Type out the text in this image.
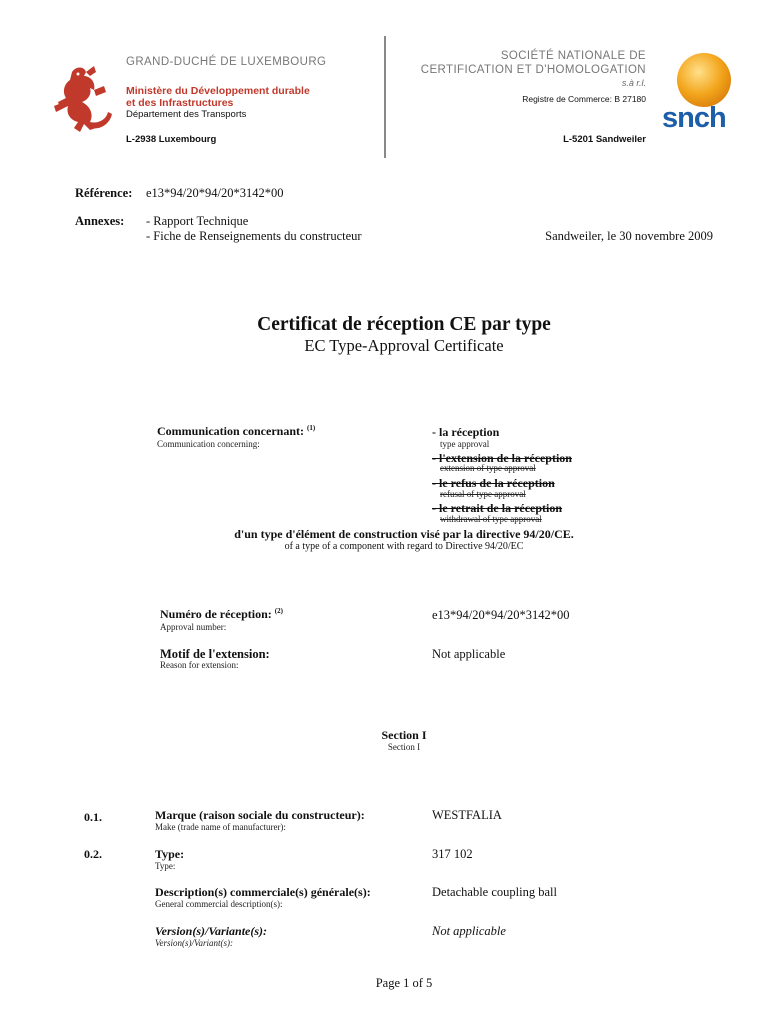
GRAND-DUCHÉ DE LUXEMBOURG
Ministère du Développement durable
et des Infrastructures
Département des Transports
L-2938 Luxembourg
SOCIÉTÉ NATIONALE DE
CERTIFICATION ET D'HOMOLOGATION
s.à r.l.
Registre de Commerce: B 27180
L-5201 Sandweiler
snch
Référence: e13*94/20*94/20*3142*00
Annexes: - Rapport Technique
- Fiche de Renseignements du constructeur	Sandweiler, le 30 novembre 2009
Certificat de réception CE par type
EC Type-Approval Certificate
Communication concernant: $^{(1)}$
Communication concerning:
- la réception
type approval
- l'extension de la réception
extension of type approval
- le refus de la réception
refusal of type approval
- le retrait de la réception
withdrawal of type approval
d'un type d'élément de construction visé par la directive 94/20/CE.
of a type of a component with regard to Directive 94/20/EC
Numéro de réception: $^{(2)}$
Approval number:
e13*94/20*94/20*3142*00
Motif de l'extension:
Reason for extension:
Not applicable
Section I
Section I
0.1.	Marque (raison sociale du constructeur):
Make (trade name of manufacturer):
WESTFALIA
0.2.	Type:
Type:
317 102
Description(s) commerciale(s) générale(s):
General commercial description(s):
Detachable coupling ball
Version(s)/Variante(s):
Version(s)/Variant(s):
Not applicable
Page 1 of 5
